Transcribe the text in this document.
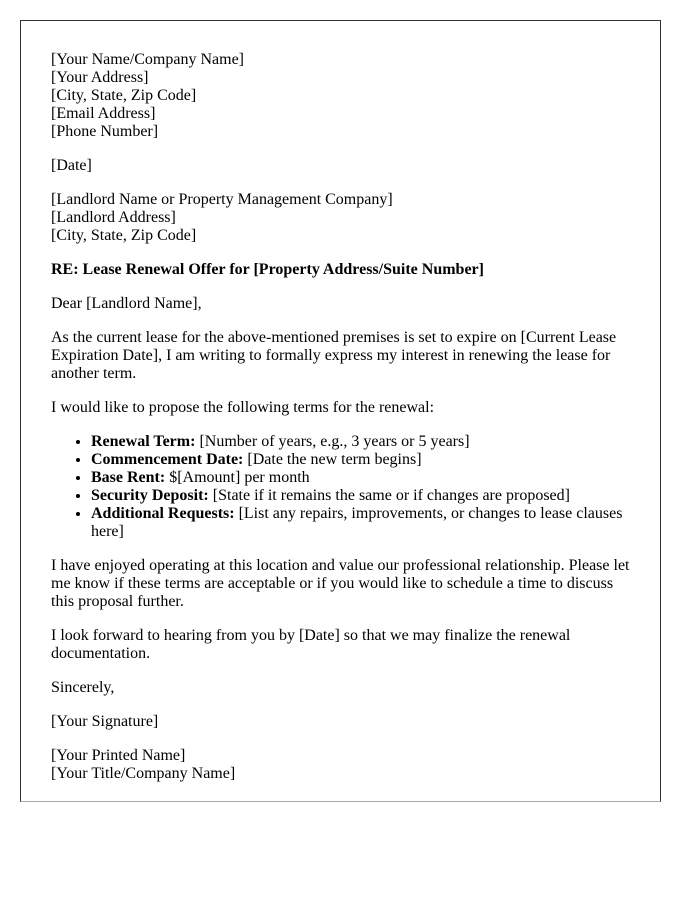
[Your Name/Company Name]
[Your Address]
[City, State, Zip Code]
[Email Address]
[Phone Number]
[Date]
[Landlord Name or Property Management Company]
[Landlord Address]
[City, State, Zip Code]
RE: Lease Renewal Offer for [Property Address/Suite Number]
Dear [Landlord Name],
As the current lease for the above-mentioned premises is set to expire on [Current Lease Expiration Date], I am writing to formally express my interest in renewing the lease for another term.
I would like to propose the following terms for the renewal:
• Renewal Term: [Number of years, e.g., 3 years or 5 years]
• Commencement Date: [Date the new term begins]
• Base Rent: $[Amount] per month
• Security Deposit: [State if it remains the same or if changes are proposed]
• Additional Requests: [List any repairs, improvements, or changes to lease clauses here]
I have enjoyed operating at this location and value our professional relationship. Please let me know if these terms are acceptable or if you would like to schedule a time to discuss this proposal further.
I look forward to hearing from you by [Date] so that we may finalize the renewal documentation.
Sincerely,
[Your Signature]
[Your Printed Name]
[Your Title/Company Name]
